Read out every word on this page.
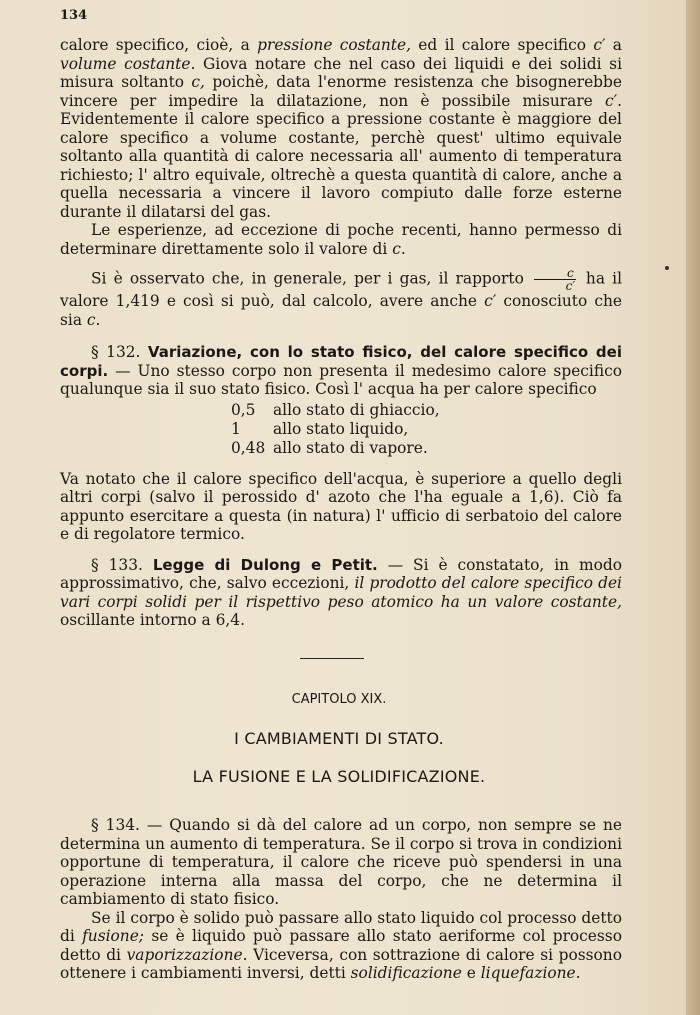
134

calore specifico, cioè, a pressione costante, ed il calore specifico c′ a volume costante. Giova notare che nel caso dei liquidi e dei solidi si misura soltanto c, poichè, data l'enorme resistenza che bisognerebbe vincere per impedire la dilatazione, non è possibile misurare c′. Evidentemente il calore specifico a pressione costante è maggiore del calore specifico a volume costante, perchè quest' ultimo equivale soltanto alla quantità di calore necessaria all' aumento di temperatura richiesto; l' altro equivale, oltrechè a questa quantità di calore, anche a quella necessaria a vincere il lavoro compiuto dalle forze esterne durante il dilatarsi del gas.

Le esperienze, ad eccezione di poche recenti, hanno permesso di determinare direttamente solo il valore di c.

Si è osservato che, in generale, per i gas, il rapporto $\frac{c}{c'}$ ha il valore 1,419 e così si può, dal calcolo, avere anche c′ conosciuto che sia c.

§ 132. Variazione, con lo stato fisico, del calore specifico dei corpi. — Uno stesso corpo non presenta il medesimo calore specifico qualunque sia il suo stato fisico. Così l' acqua ha per calore specifico

0,5	allo stato di ghiaccio,
1	allo stato liquido,
0,48 allo stato di vapore.

Va notato che il calore specifico dell'acqua, è superiore a quello degli altri corpi (salvo il perossido d' azoto che l'ha eguale a 1,6). Ciò fa appunto esercitare a questa (in natura) l' ufficio di serbatoio del calore e di regolatore termico.

§ 133. Legge di Dulong e Petit. — Si è constatato, in modo approssimativo, che, salvo eccezioni, il prodotto del calore specifico dei vari corpi solidi per il rispettivo peso atomico ha un valore costante, oscillante intorno a 6,4.

CAPITOLO XIX.
I CAMBIAMENTI DI STATO.
LA FUSIONE E LA SOLIDIFICAZIONE.

§ 134. — Quando si dà del calore ad un corpo, non sempre se ne determina un aumento di temperatura. Se il corpo si trova in condizioni opportune di temperatura, il calore che riceve può spendersi in una operazione interna alla massa del corpo, che ne determina il cambiamento di stato fisico.

Se il corpo è solido può passare allo stato liquido col processo detto di fusione; se è liquido può passare allo stato aeriforme col processo detto di vaporizzazione. Viceversa, con sottrazione di calore si possono ottenere i cambiamenti inversi, detti solidificazione e liquefazione.
